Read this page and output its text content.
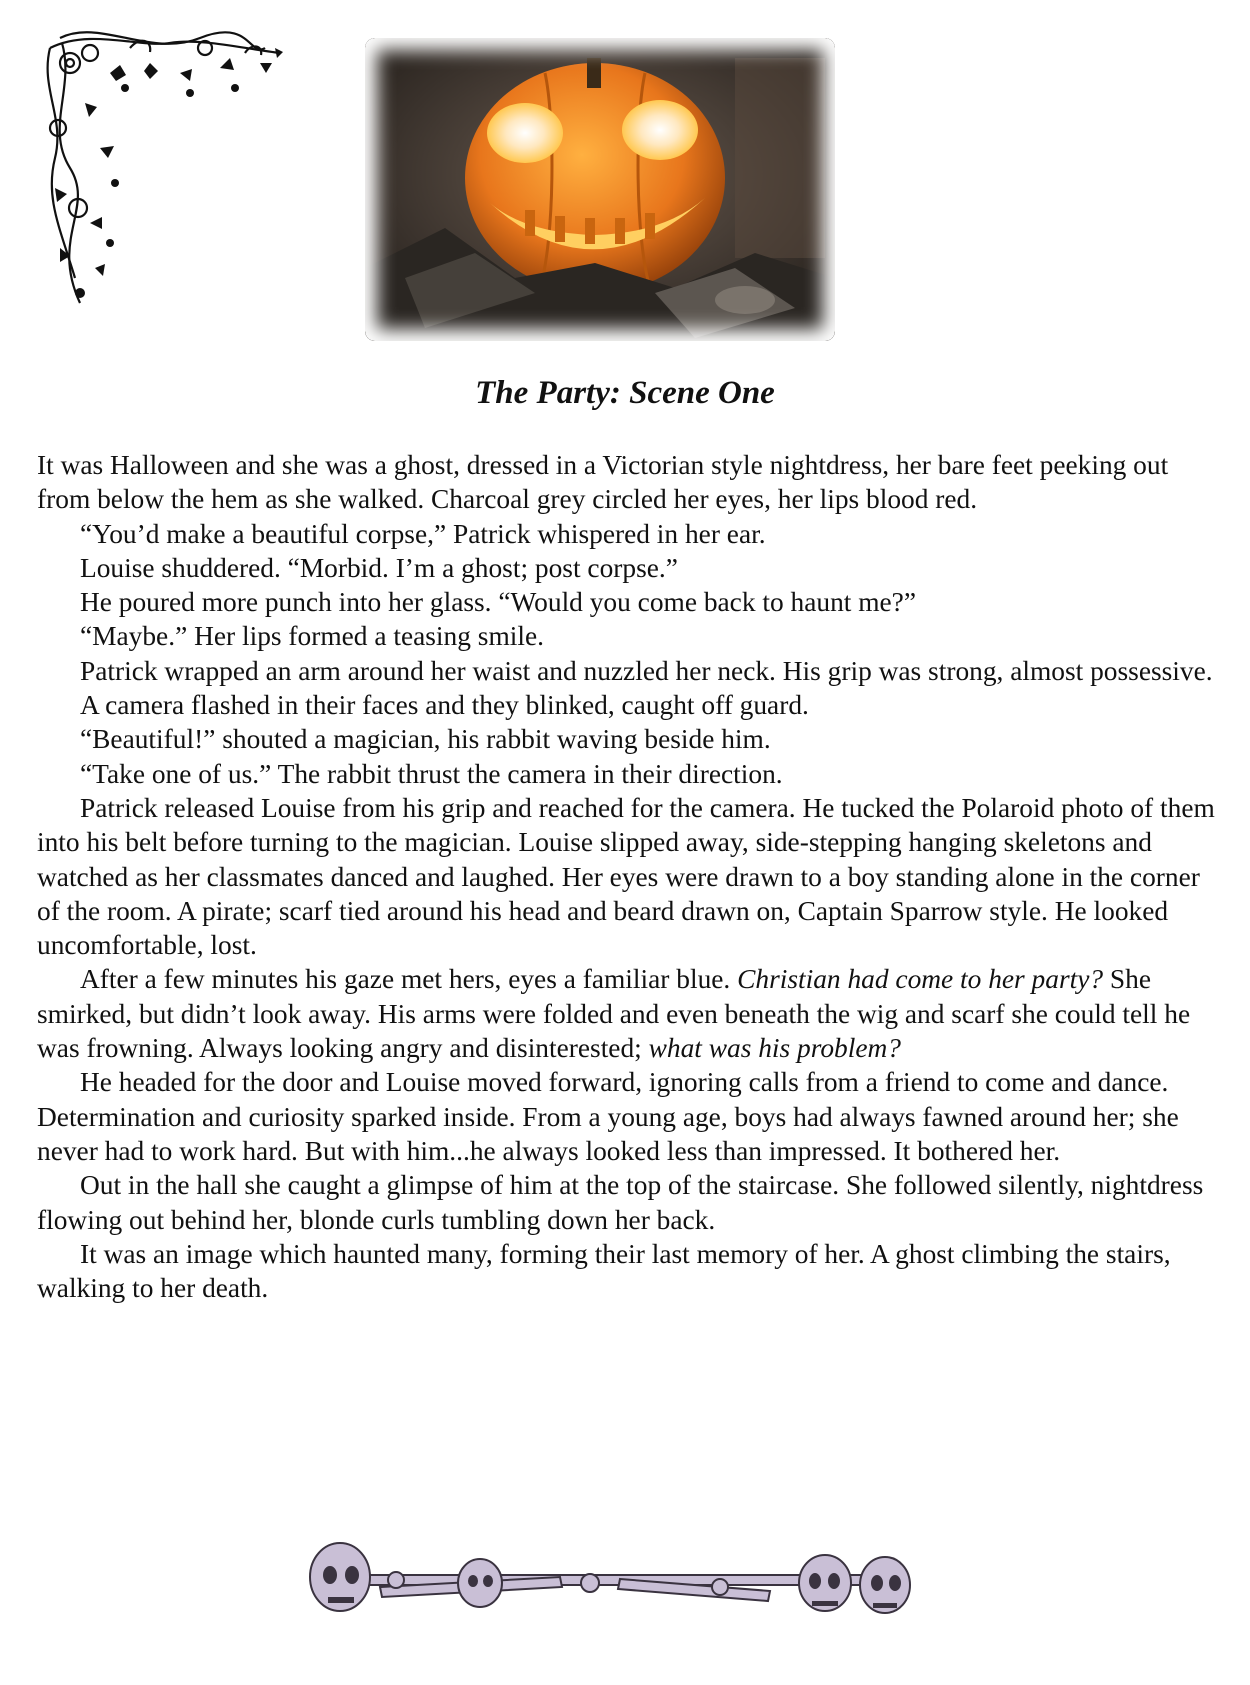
The Party: Scene One

It was Halloween and she was a ghost, dressed in a Victorian style nightdress, her bare feet peeking out from below the hem as she walked. Charcoal grey circled her eyes, her lips blood red.

“You’d make a beautiful corpse,” Patrick whispered in her ear.

Louise shuddered. “Morbid. I’m a ghost; post corpse.”

He poured more punch into her glass. “Would you come back to haunt me?”

“Maybe.” Her lips formed a teasing smile.

Patrick wrapped an arm around her waist and nuzzled her neck. His grip was strong, almost possessive.

A camera flashed in their faces and they blinked, caught off guard.

“Beautiful!” shouted a magician, his rabbit waving beside him.

“Take one of us.” The rabbit thrust the camera in their direction.

Patrick released Louise from his grip and reached for the camera. He tucked the Polaroid photo of them into his belt before turning to the magician. Louise slipped away, side-stepping hanging skeletons and watched as her classmates danced and laughed. Her eyes were drawn to a boy standing alone in the corner of the room. A pirate; scarf tied around his head and beard drawn on, Captain Sparrow style. He looked uncomfortable, lost.

After a few minutes his gaze met hers, eyes a familiar blue. Christian had come to her party? She smirked, but didn’t look away. His arms were folded and even beneath the wig and scarf she could tell he was frowning. Always looking angry and disinterested; what was his problem?

He headed for the door and Louise moved forward, ignoring calls from a friend to come and dance. Determination and curiosity sparked inside. From a young age, boys had always fawned around her; she never had to work hard. But with him...he always looked less than impressed. It bothered her.

Out in the hall she caught a glimpse of him at the top of the staircase. She followed silently, nightdress flowing out behind her, blonde curls tumbling down her back.

It was an image which haunted many, forming their last memory of her. A ghost climbing the stairs, walking to her death.
